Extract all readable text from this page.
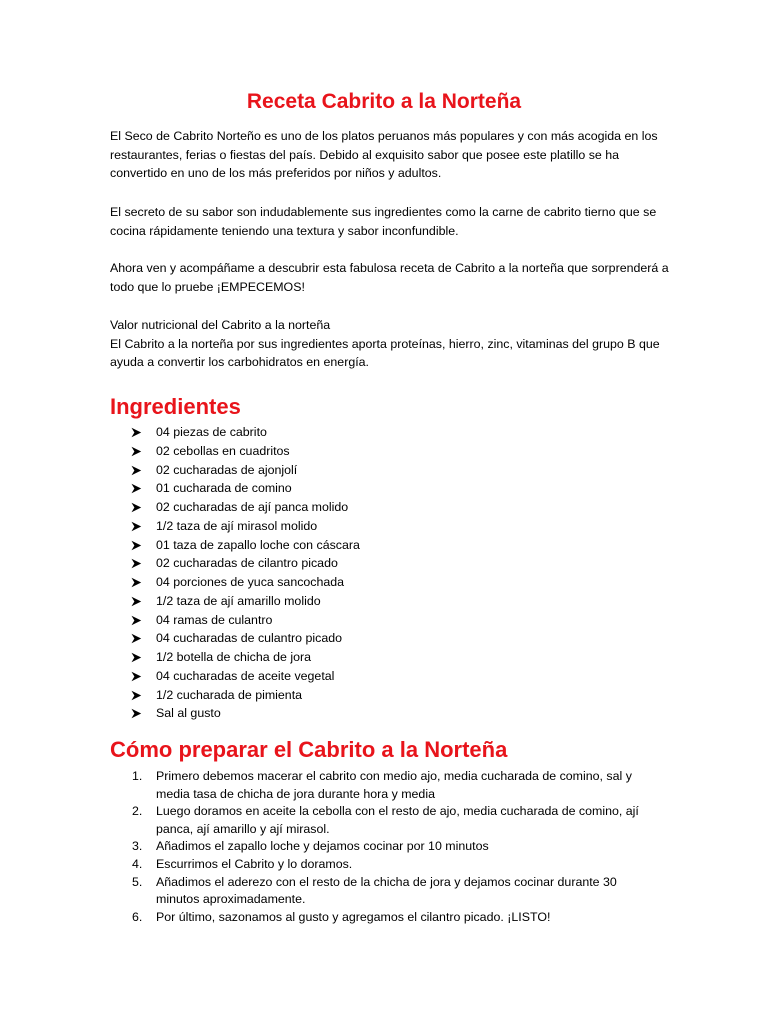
Receta Cabrito a la Norteña

El Seco de Cabrito Norteño es uno de los platos peruanos más populares y con más acogida en los restaurantes, ferias o fiestas del país. Debido al exquisito sabor que posee este platillo se ha convertido en uno de los más preferidos por niños y adultos.

El secreto de su sabor son indudablemente sus ingredientes como la carne de cabrito tierno que se cocina rápidamente teniendo una textura y sabor inconfundible.

Ahora ven y acompáñame a descubrir esta fabulosa receta de Cabrito a la norteña que sorprenderá a todo que lo pruebe ¡EMPECEMOS!

Valor nutricional del Cabrito a la norteña
El Cabrito a la norteña por sus ingredientes aporta proteínas, hierro, zinc, vitaminas del grupo B que ayuda a convertir los carbohidratos en energía.

Ingredientes
04 piezas de cabrito
02 cebollas en cuadritos
02 cucharadas de ajonjolí
01 cucharada de comino
02 cucharadas de ají panca molido
1/2 taza de ají mirasol molido
01 taza de zapallo loche con cáscara
02 cucharadas de cilantro picado
04 porciones de yuca sancochada
1/2 taza de ají amarillo molido
04 ramas de culantro
04 cucharadas de culantro picado
1/2 botella de chicha de jora
04 cucharadas de aceite vegetal
1/2 cucharada de pimienta
Sal al gusto
Cómo preparar el Cabrito a la Norteña
1. Primero debemos macerar el cabrito con medio ajo, media cucharada de comino, sal y media tasa de chicha de jora durante hora y media
2. Luego doramos en aceite la cebolla con el resto de ajo, media cucharada de comino, ají panca, ají amarillo y ají mirasol.
3. Añadimos el zapallo loche y dejamos cocinar por 10 minutos
4. Escurrimos el Cabrito y lo doramos.
5. Añadimos el aderezo con el resto de la chicha de jora y dejamos cocinar durante 30 minutos aproximadamente.
6. Por último, sazonamos al gusto y agregamos el cilantro picado. ¡LISTO!
